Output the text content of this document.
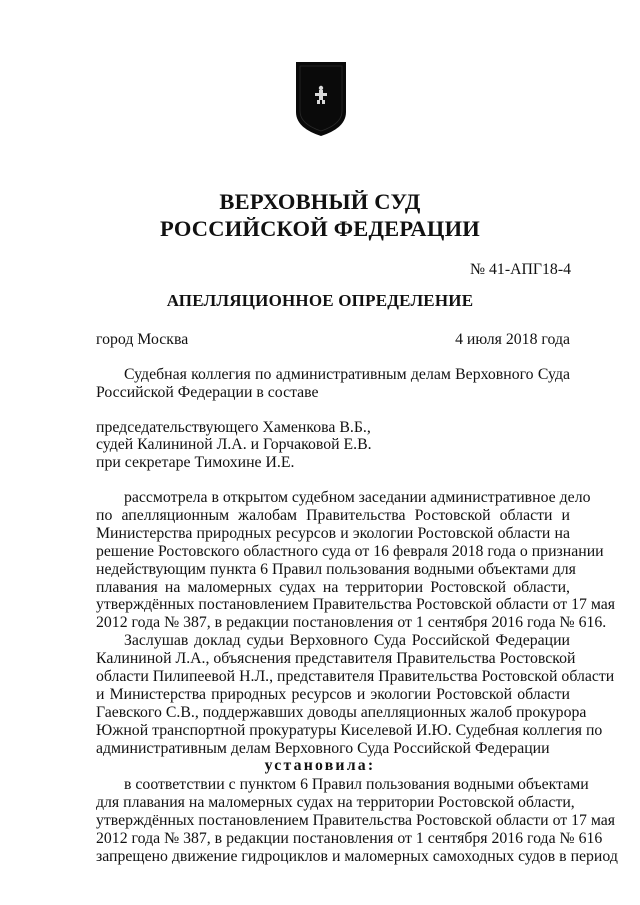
ВЕРХОВНЫЙ СУД
РОССИЙСКОЙ ФЕДЕРАЦИИ
№ 41-АПГ18-4
АПЕЛЛЯЦИОННОЕ ОПРЕДЕЛЕНИЕ
город Москва	4 июля 2018 года
Судебная коллегия по административным делам Верховного Суда
Российской Федерации в составе
председательствующего Хаменкова В.Б.,
судей Калининой Л.А. и Горчаковой Е.В.
при секретаре Тимохине И.Е.
рассмотрела в открытом судебном заседании административное дело
по апелляционным жалобам Правительства Ростовской области и
Министерства природных ресурсов и экологии Ростовской области на
решение Ростовского областного суда от 16 февраля 2018 года о признании
недействующим пункта 6 Правил пользования водными объектами для
плавания на маломерных судах на территории Ростовской области,
утверждённых постановлением Правительства Ростовской области от 17 мая
2012 года № 387, в редакции постановления от 1 сентября 2016 года № 616.
Заслушав доклад судьи Верховного Суда Российской Федерации
Калининой Л.А., объяснения представителя Правительства Ростовской
области Пилипеевой Н.Л., представителя Правительства Ростовской области
и Министерства природных ресурсов и экологии Ростовской области
Гаевского С.В., поддержавших доводы апелляционных жалоб прокурора
Южной транспортной прокуратуры Киселевой И.Ю. Судебная коллегия по
административным делам Верховного Суда Российской Федерации
установила:
в соответствии с пунктом 6 Правил пользования водными объектами
для плавания на маломерных судах на территории Ростовской области,
утверждённых постановлением Правительства Ростовской области от 17 мая
2012 года № 387, в редакции постановления от 1 сентября 2016 года № 616
запрещено движение гидроциклов и маломерных самоходных судов в период
